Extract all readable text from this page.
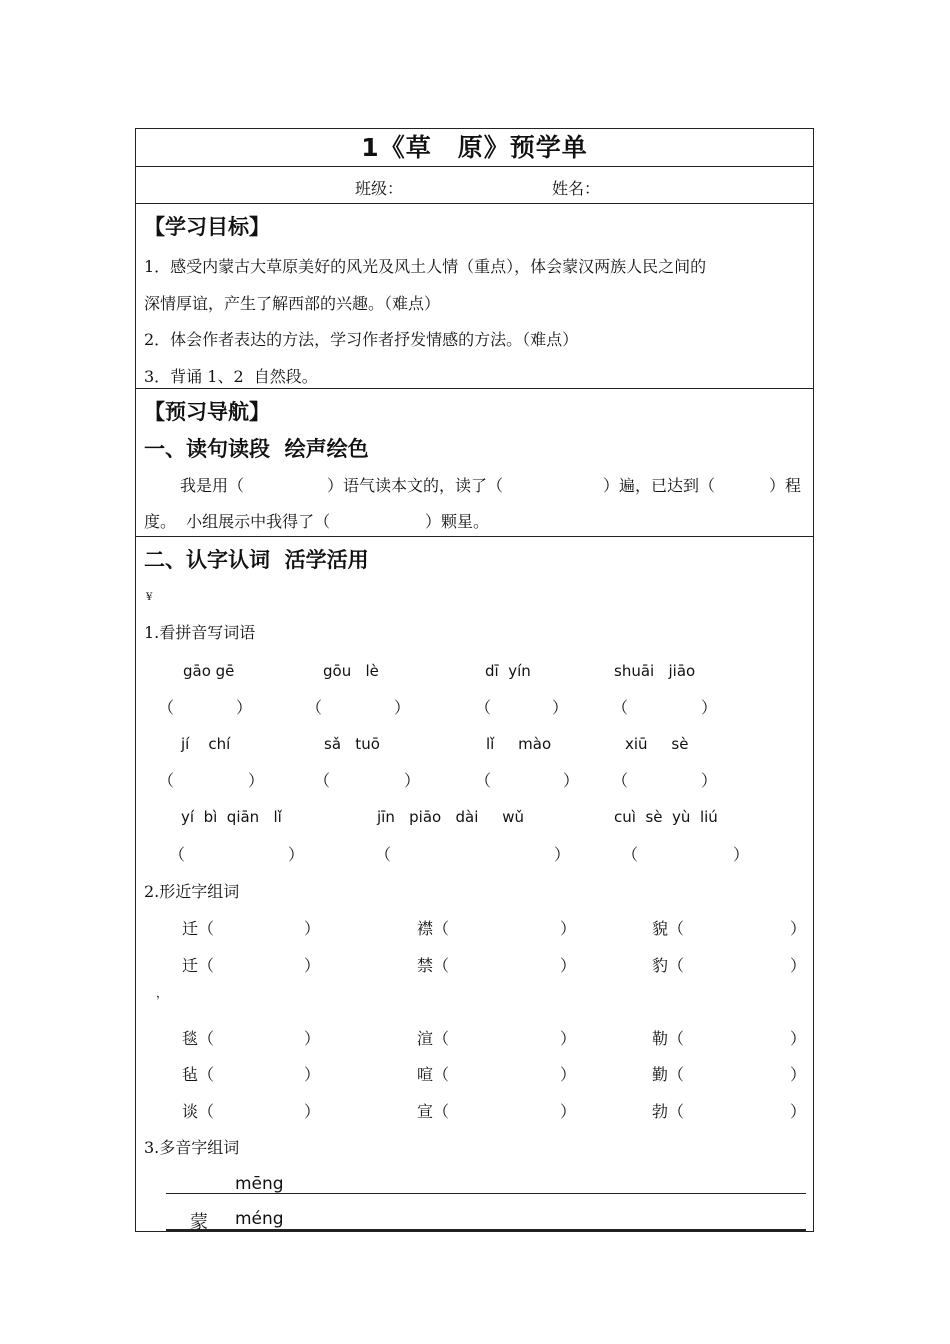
1《草　原》预学单
班级：	姓名：
【学习目标】
1．感受内蒙古大草原美好的风光及风土人情（重点），体会蒙汉两族人民之间的
深情厚谊，产生了解西部的兴趣。（难点）
2．体会作者表达的方法，学习作者抒发情感的方法。（难点）
3．背诵 1、2  自然段。
【预习导航】
一、读句读段  绘声绘色
我是用（	）语气读本文的，读了（	）遍，已达到（	）程
度。  小组展示中我得了（	）颗星。
二、认字认词  活学活用
¥
1.看拼音写词语
gāo gē	gōu   lè	dī  yín	shuāi   jiāo
（	）	（	）	（	）	（	）
jí    chí	sǎ   tuō	lǐ     mào	xiū     sè
（	）	（	）	（	） （	）
yí  bì  qiān   lǐ	jīn   piāo   dài     wǔ	cuì  sè  yù  liú
（	）	（	）	（	）
2.形近字组词
迁 （	）	襟 （	）	貌 （	）
迁 （	）	禁 （	）	豹 （	）
，
毯 （	）	渲 （	）	勒 （	）
毡 （	）	喧 （	）	勤 （	）
谈 （	）	宣 （	）	勃 （	）
3.多音字组词
mēng
蒙 méng
